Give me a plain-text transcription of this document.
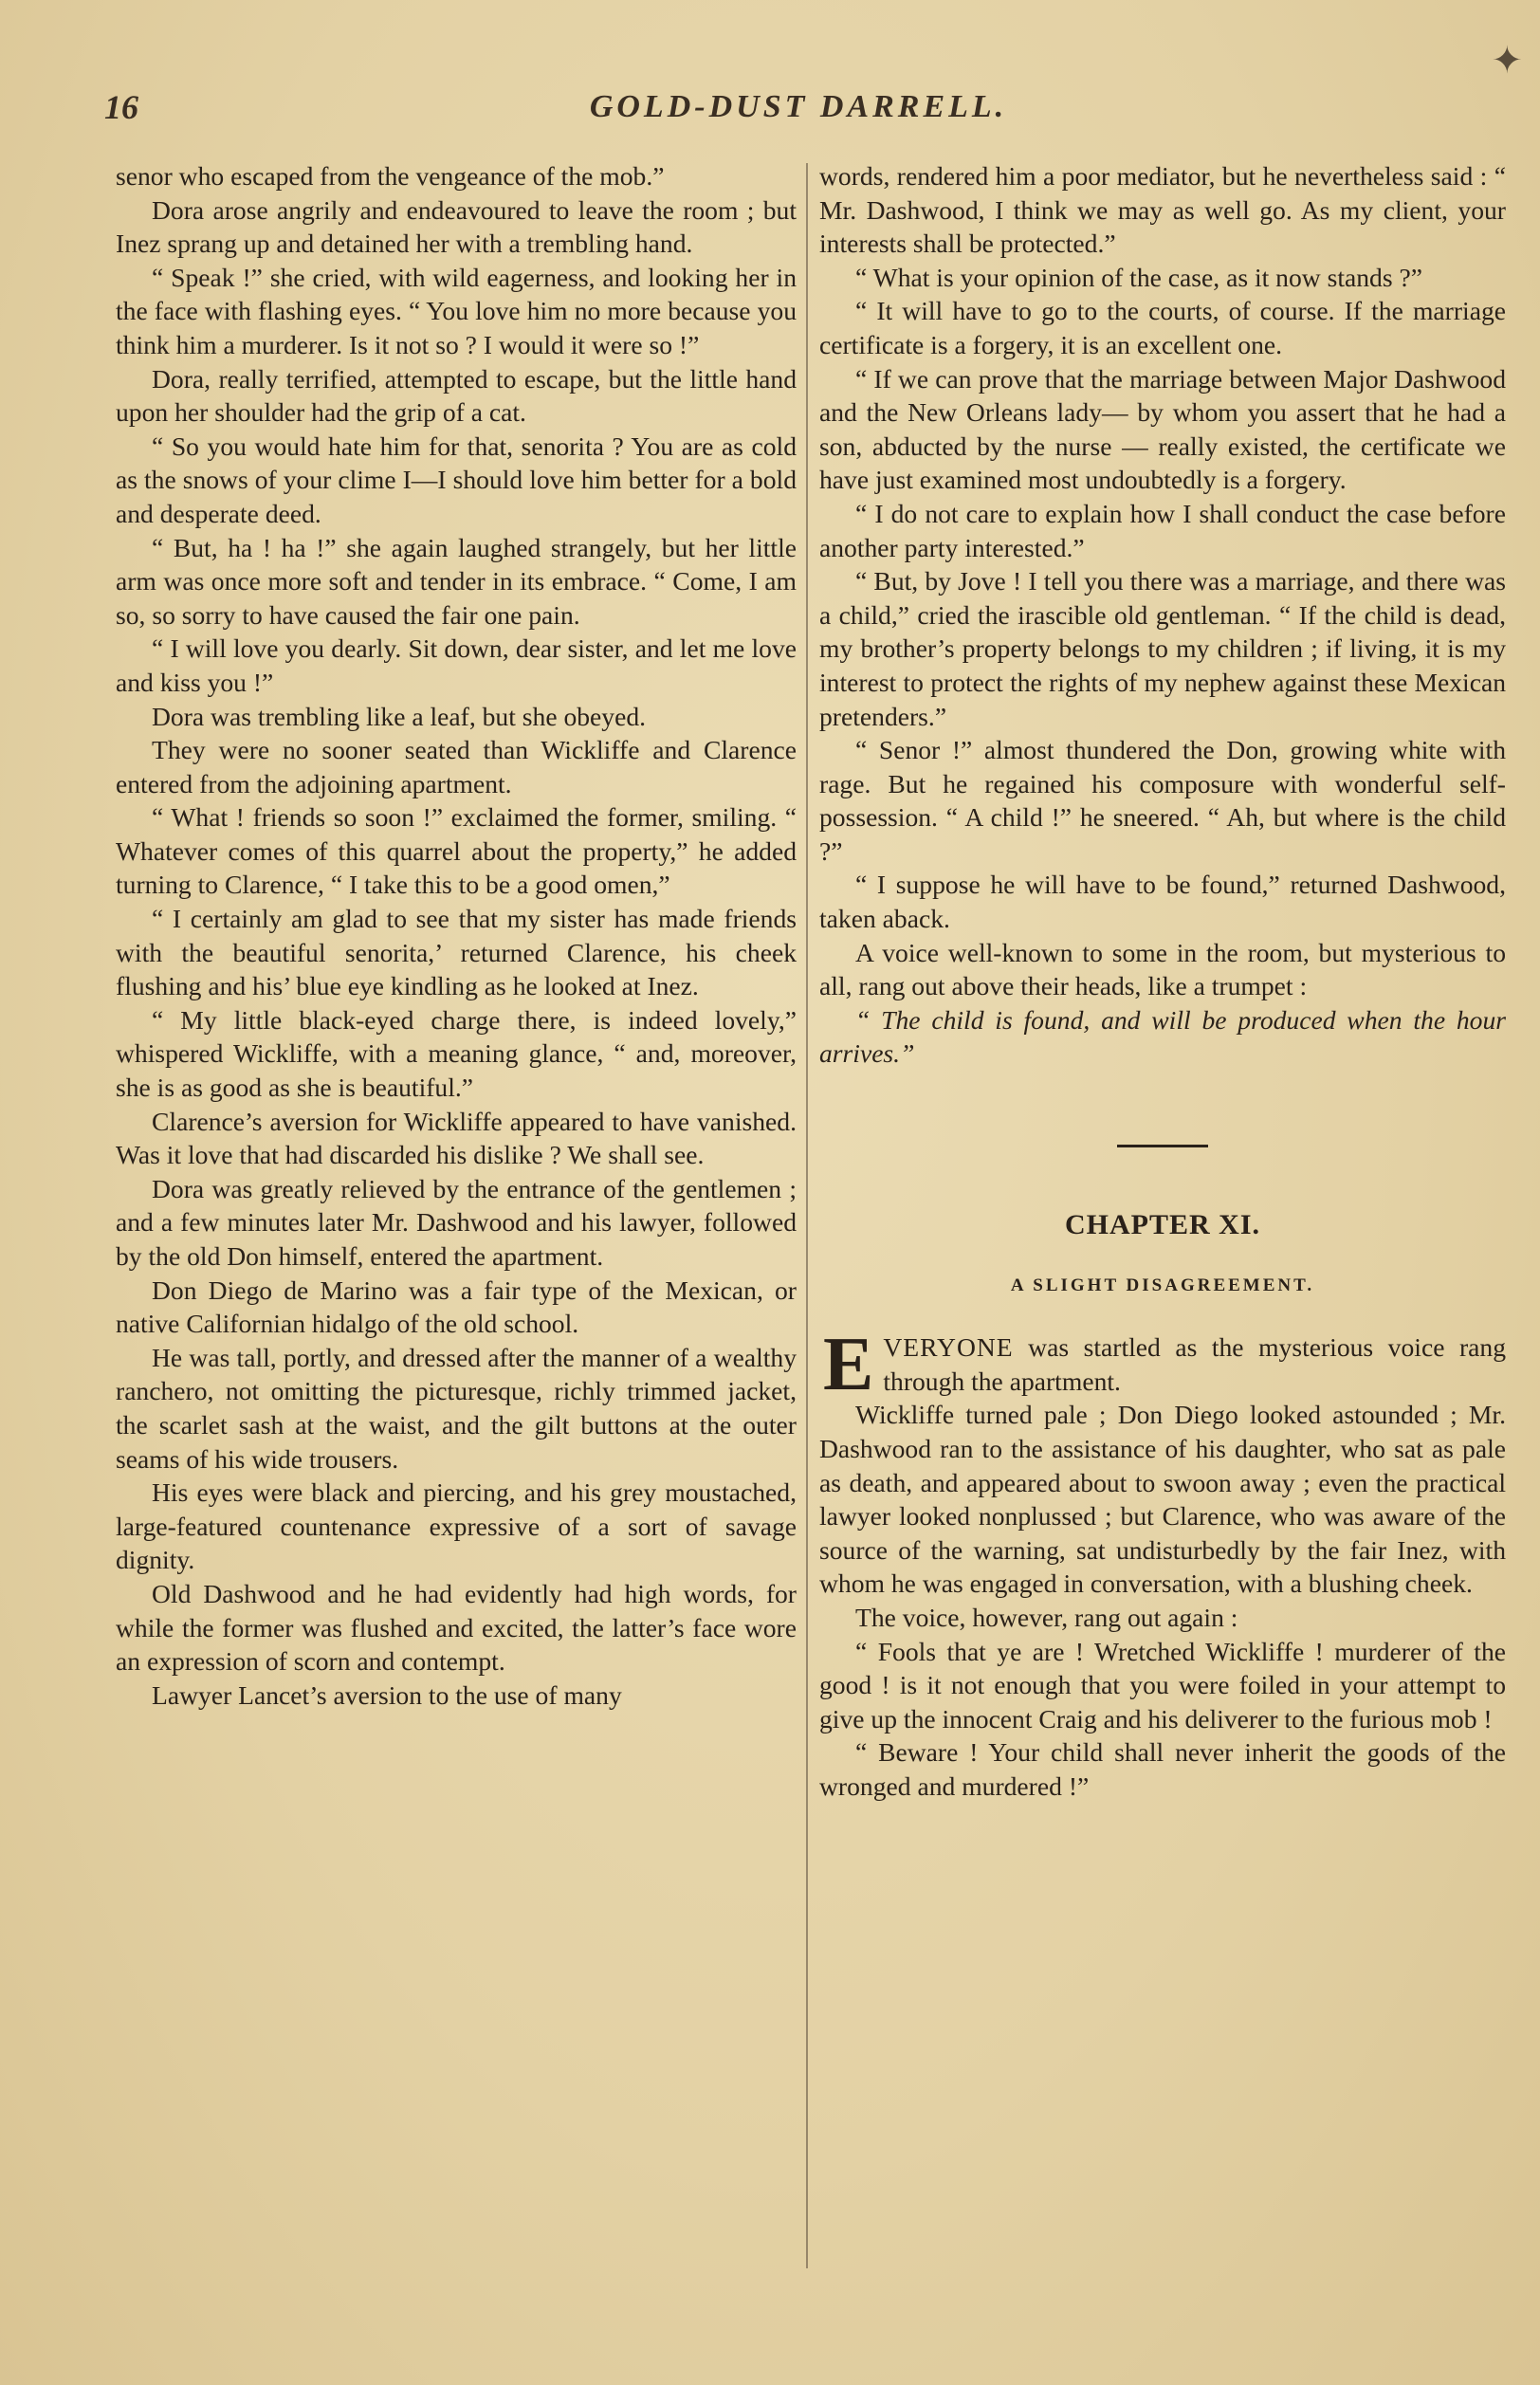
16	GOLD-DUST DARRELL.
✦

senor who escaped from the vengeance of the mob.”

Dora arose angrily and endeavoured to leave the room ; but Inez sprang up and detained her with a trembling hand.

“ Speak !” she cried, with wild eagerness, and looking her in the face with flashing eyes. “ You love him no more because you think him a murderer. Is it not so ? I would it were so !”

Dora, really terrified, attempted to escape, but the little hand upon her shoulder had the grip of a cat.

“ So you would hate him for that, senorita ? You are as cold as the snows of your clime I—I should love him better for a bold and desperate deed.

“ But, ha ! ha !” she again laughed strangely, but her little arm was once more soft and tender in its embrace. “ Come, I am so, so sorry to have caused the fair one pain.

“ I will love you dearly. Sit down, dear sister, and let me love and kiss you !”

Dora was trembling like a leaf, but she obeyed.

They were no sooner seated than Wickliffe and Clarence entered from the adjoining apartment.

“ What ! friends so soon !” exclaimed the former, smiling. “ Whatever comes of this quarrel about the property,” he added turning to Clarence, “ I take this to be a good omen,”

“ I certainly am glad to see that my sister has made friends with the beautiful senorita,’ returned Clarence, his cheek flushing and his’ blue eye kindling as he looked at Inez.

“ My little black-eyed charge there, is indeed lovely,” whispered Wickliffe, with a meaning glance, “ and, moreover, she is as good as she is beautiful.”

Clarence’s aversion for Wickliffe appeared to have vanished. Was it love that had discarded his dislike ? We shall see.

Dora was greatly relieved by the entrance of the gentlemen ; and a few minutes later Mr. Dashwood and his lawyer, followed by the old Don himself, entered the apartment.

Don Diego de Marino was a fair type of the Mexican, or native Californian hidalgo of the old school.

He was tall, portly, and dressed after the manner of a wealthy ranchero, not omitting the picturesque, richly trimmed jacket, the scarlet sash at the waist, and the gilt buttons at the outer seams of his wide trousers.

His eyes were black and piercing, and his grey moustached, large-featured countenance expressive of a sort of savage dignity.

Old Dashwood and he had evidently had high words, for while the former was flushed and excited, the latter’s face wore an expression of scorn and contempt.

Lawyer Lancet’s aversion to the use of many

words, rendered him a poor mediator, but he nevertheless said : “ Mr. Dashwood, I think we may as well go. As my client, your interests shall be protected.”

“ What is your opinion of the case, as it now stands ?”

“ It will have to go to the courts, of course. If the marriage certificate is a forgery, it is an excellent one.

“ If we can prove that the marriage between Major Dashwood and the New Orleans lady— by whom you assert that he had a son, abducted by the nurse — really existed, the certificate we have just examined most undoubtedly is a forgery.

“ I do not care to explain how I shall conduct the case before another party interested.”

“ But, by Jove ! I tell you there was a marriage, and there was a child,” cried the irascible old gentleman. “ If the child is dead, my brother’s property belongs to my children ; if living, it is my interest to protect the rights of my nephew against these Mexican pretenders.”

“ Senor !” almost thundered the Don, growing white with rage. But he regained his composure with wonderful self-possession. “ A child !” he sneered. “ Ah, but where is the child ?”

“ I suppose he will have to be found,” returned Dashwood, taken aback.

A voice well-known to some in the room, but mysterious to all, rang out above their heads, like a trumpet :

“ The child is found, and will be produced when the hour arrives.”

CHAPTER XI.
A SLIGHT DISAGREEMENT.

EVERYONE was startled as the mysterious voice rang through the apartment.

Wickliffe turned pale ; Don Diego looked astounded ; Mr. Dashwood ran to the assistance of his daughter, who sat as pale as death, and appeared about to swoon away ; even the practical lawyer looked nonplussed ; but Clarence, who was aware of the source of the warning, sat undisturbedly by the fair Inez, with whom he was engaged in conversation, with a blushing cheek.

The voice, however, rang out again :

“ Fools that ye are ! Wretched Wickliffe ! murderer of the good ! is it not enough that you were foiled in your attempt to give up the innocent Craig and his deliverer to the furious mob !

“ Beware ! Your child shall never inherit the goods of the wronged and murdered !”
